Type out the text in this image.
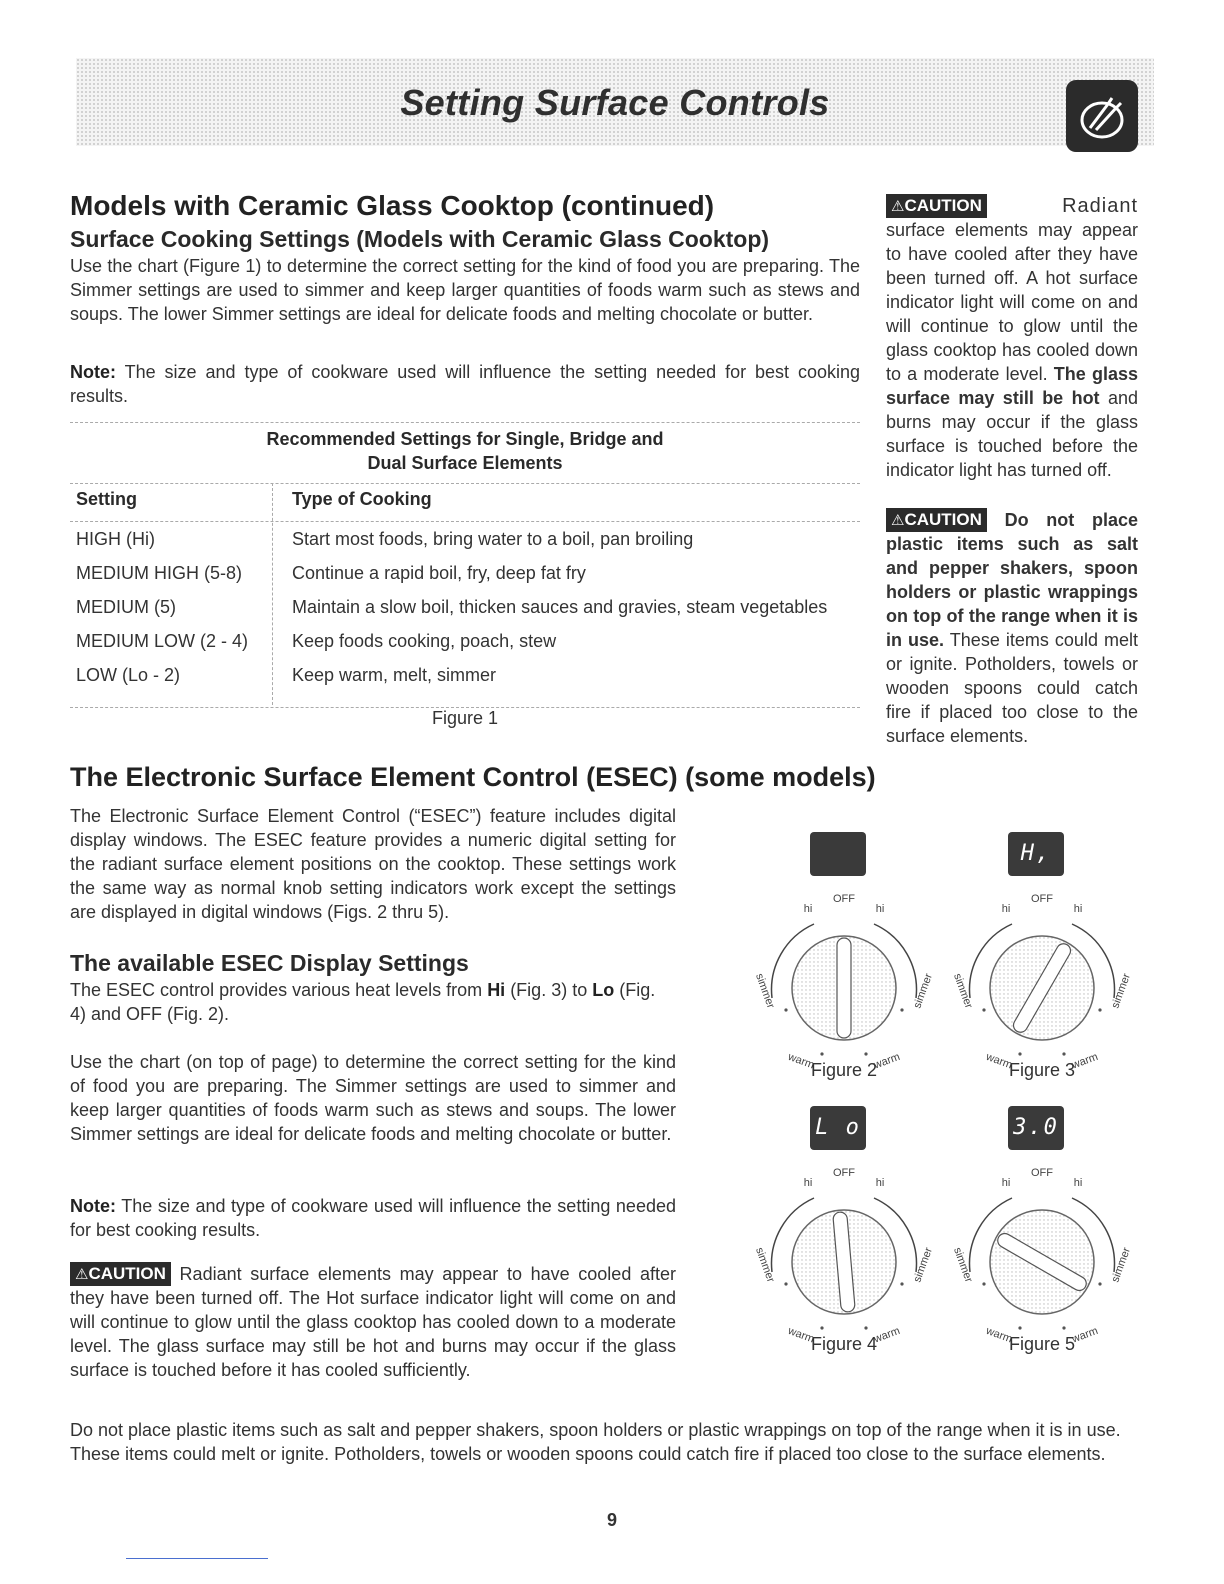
Setting Surface Controls
Models with Ceramic Glass Cooktop (continued)
Surface Cooking Settings (Models with Ceramic Glass Cooktop)

Use the chart (Figure 1) to determine the correct setting for the kind of food you are preparing. The Simmer settings are used to simmer and keep larger quantities of foods warm such as stews and soups. The lower Simmer settings are ideal for delicate foods and melting chocolate or butter.

Note: The size and type of cookware used will influence the setting needed for best cooking results.

Recommended Settings for Single, Bridge and
Dual Surface Elements
Setting	Type of Cooking
HIGH (Hi)	Start most foods, bring water to a boil, pan broiling
MEDIUM HIGH (5-8)	Continue a rapid boil, fry, deep fat fry
MEDIUM (5)	Maintain a slow boil, thicken sauces and gravies, steam vegetables
MEDIUM LOW (2 - 4) Keep foods cooking, poach, stew
LOW (Lo - 2)	Keep warm, melt, simmer
Figure 1
⚠CAUTION	Radiant
surface elements may appear to have cooled after they have been turned off. A hot surface indicator light will come on and will continue to glow until the glass cooktop has cooled down to a moderate level. The glass surface may still be hot and burns may occur if the glass surface is touched before the indicator light has turned off.
⚠CAUTION Do not place plastic items such as salt and pepper shakers, spoon holders or plastic wrappings on top of the range when it is in use. These items could melt or ignite. Potholders, towels or wooden spoons could catch fire if placed too close to the surface elements.
The Electronic Surface Element Control (ESEC) (some models)

The Electronic Surface Element Control (“ESEC”) feature includes digital display windows. The ESEC feature provides a numeric digital setting for the radiant surface element positions on the cooktop. These settings work the same way as normal knob setting indicators work except the settings are displayed in digital windows (Figs. 2 thru 5).

The available ESEC Display Settings

The ESEC control provides various heat levels from Hi (Fig. 3) to Lo (Fig. 4) and OFF (Fig. 2).

Use the chart (on top of page) to determine the correct setting for the kind of food you are preparing. The Simmer settings are used to simmer and keep larger quantities of foods warm such as stews and soups. The lower Simmer settings are ideal for delicate foods and melting chocolate or butter.

Note: The size and type of cookware used will influence the setting needed for best cooking results.

⚠CAUTION Radiant surface elements may appear to have cooled after they have been turned off. The Hot surface indicator light will come on and will continue to glow until the glass cooktop has cooled down to a moderate level. The glass surface may still be hot and burns may occur if the glass surface is touched before it has cooled sufficiently.

OFF
hi	hi
simmer	simmer
warm	warm
Figure 2
H,
OFF
hi	hi
simmer	simmer
warm	warm
Figure 3
L o
OFF
hi	hi
simmer	simmer
warm	warm
Figure 4
3.0
OFF
hi	hi
simmer	simmer
warm	warm
Figure 5
Do not place plastic items such as salt and pepper shakers, spoon holders or plastic wrappings on top of the range when it is in use. These items could melt or ignite. Potholders, towels or wooden spoons could catch fire if placed too close to the surface elements.
9
